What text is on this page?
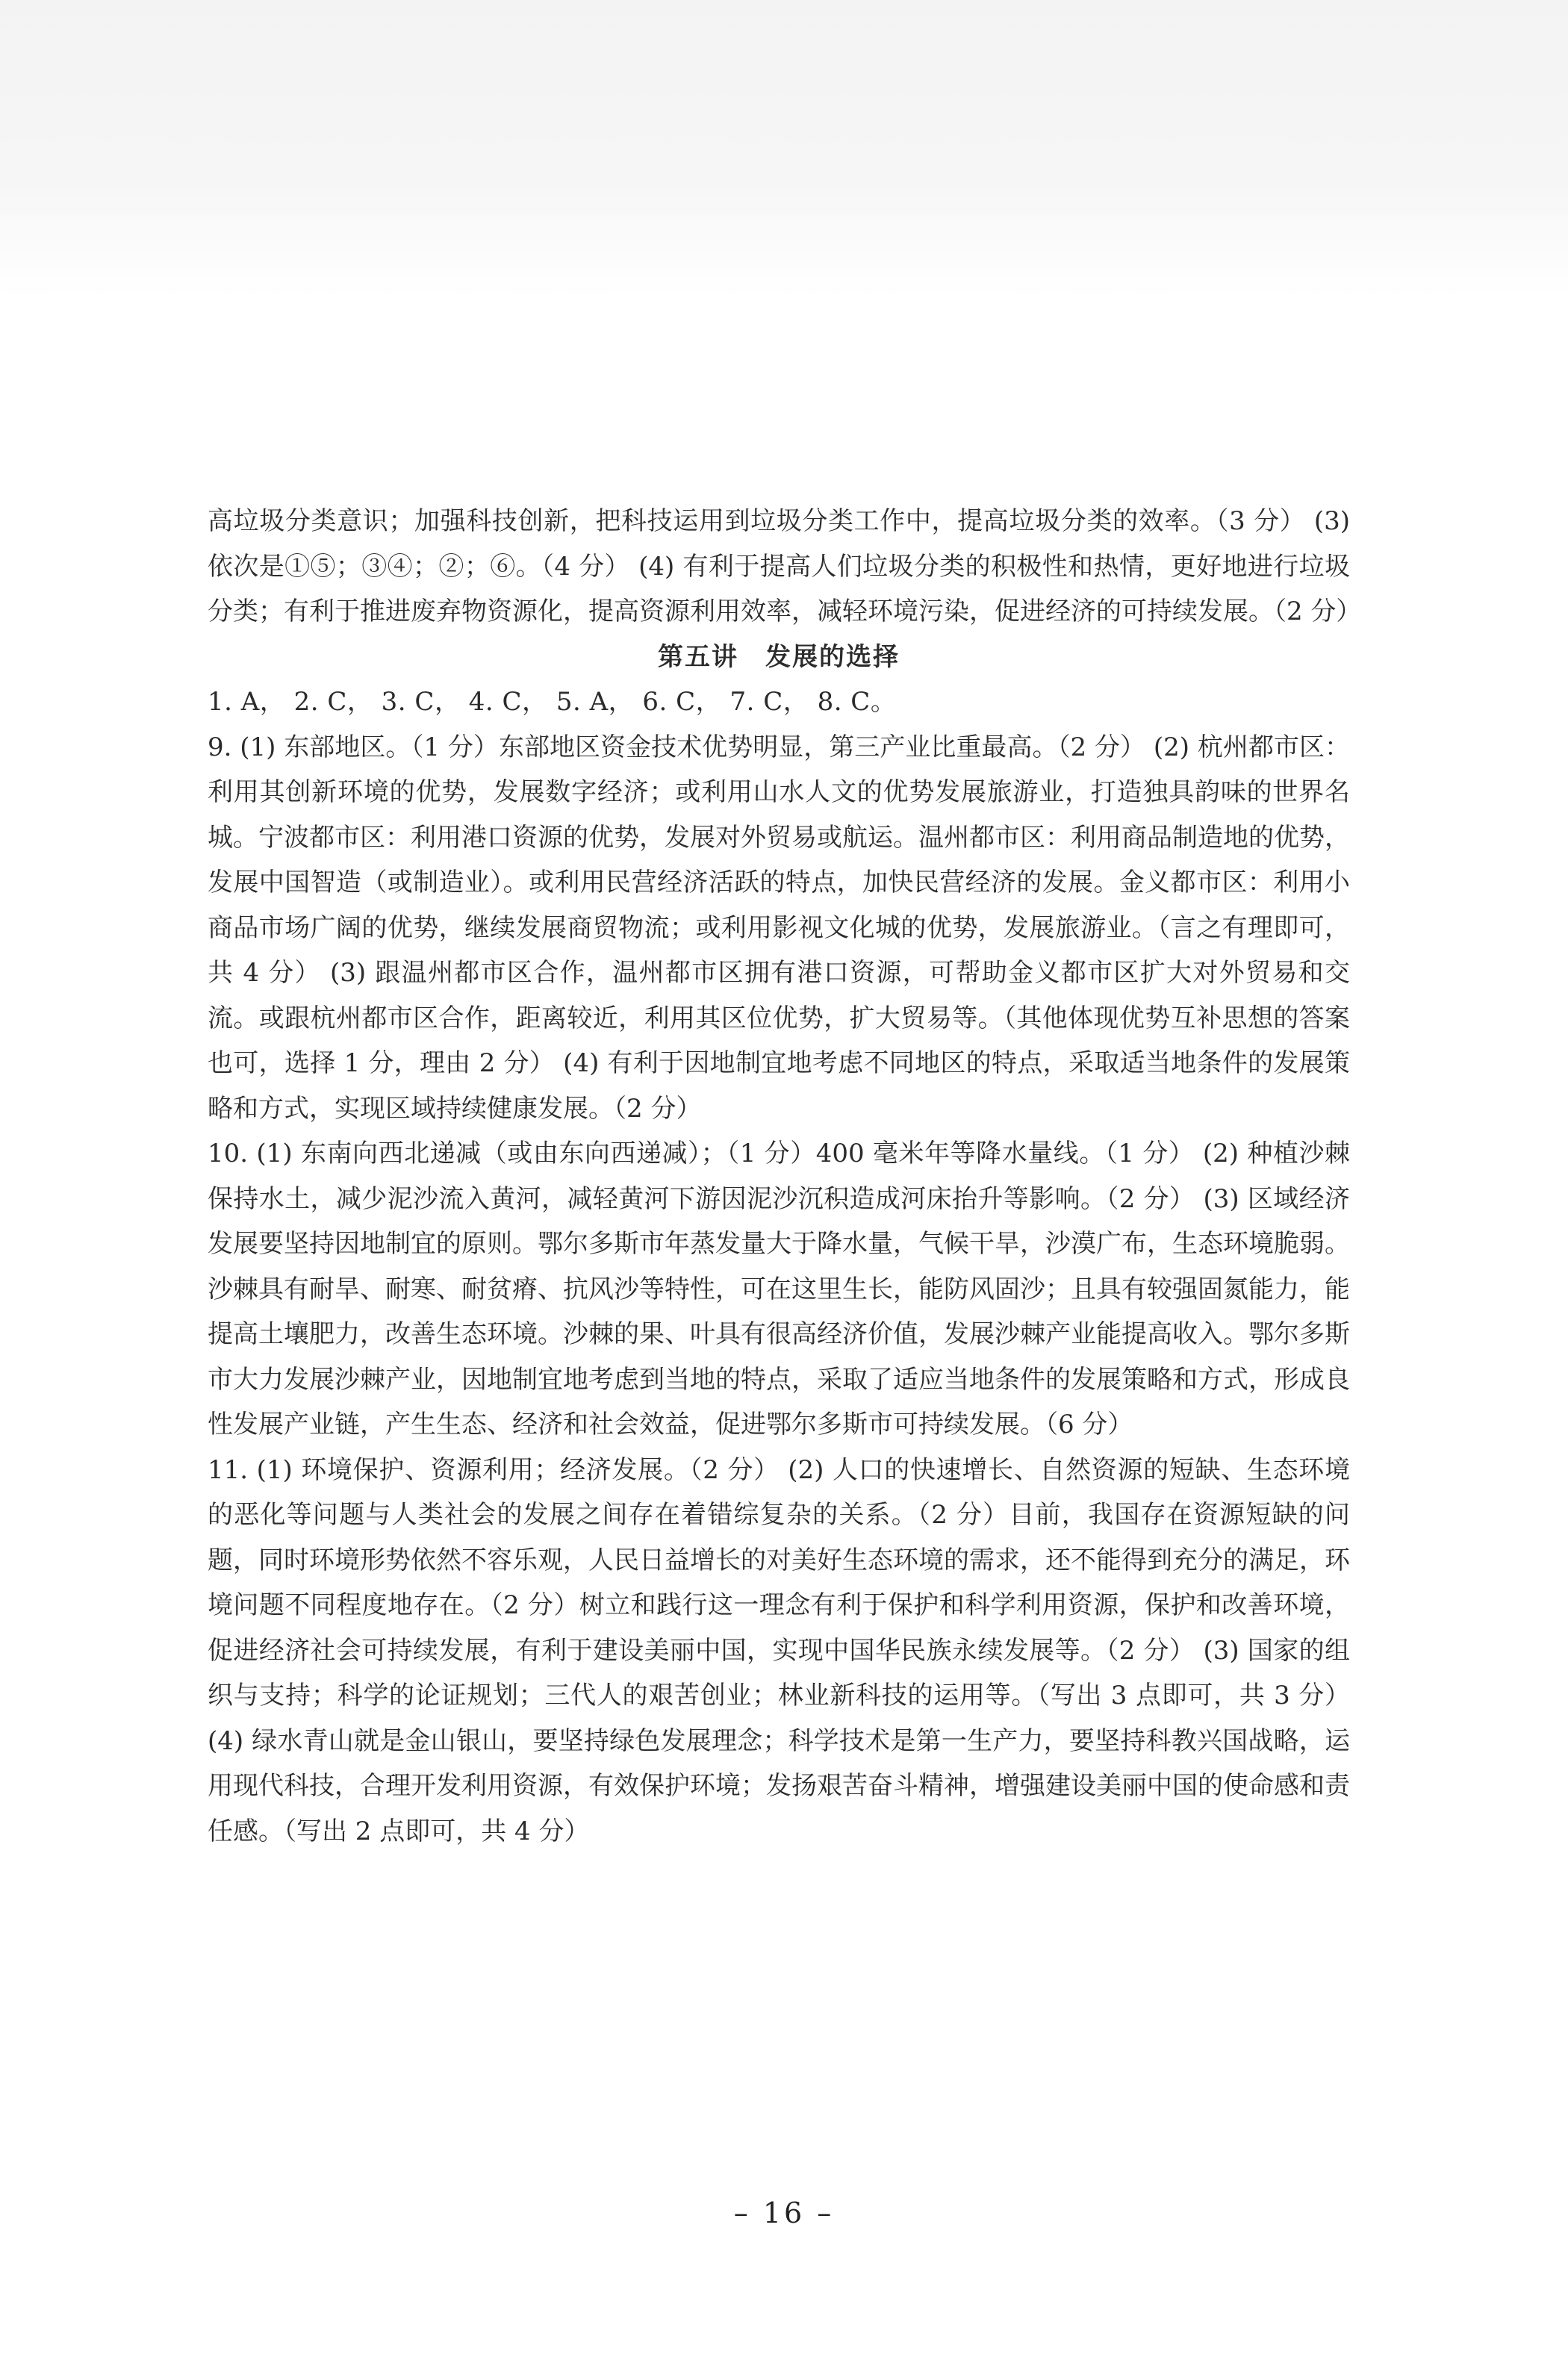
高垃圾分类意识；加强科技创新，把科技运用到垃圾分类工作中，提高垃圾分类的效率。（3 分） (3) 依次是①⑤；③④；②；⑥。（4 分） (4) 有利于提高人们垃圾分类的积极性和热情，更好地进行垃圾分类；有利于推进废弃物资源化，提高资源利用效率，减轻环境污染，促进经济的可持续发展。（2 分）

第五讲　发展的选择

1. A， 2. C， 3. C， 4. C， 5. A， 6. C， 7. C， 8. C。

9. (1) 东部地区。（1 分）东部地区资金技术优势明显，第三产业比重最高。（2 分） (2) 杭州都市区：利用其创新环境的优势，发展数字经济；或利用山水人文的优势发展旅游业，打造独具韵味的世界名城。宁波都市区：利用港口资源的优势，发展对外贸易或航运。温州都市区：利用商品制造地的优势，发展中国智造（或制造业）。或利用民营经济活跃的特点，加快民营经济的发展。金义都市区：利用小商品市场广阔的优势，继续发展商贸物流；或利用影视文化城的优势，发展旅游业。（言之有理即可，共 4 分） (3) 跟温州都市区合作，温州都市区拥有港口资源，可帮助金义都市区扩大对外贸易和交流。或跟杭州都市区合作，距离较近，利用其区位优势，扩大贸易等。（其他体现优势互补思想的答案也可，选择 1 分，理由 2 分） (4) 有利于因地制宜地考虑不同地区的特点，采取适当地条件的发展策略和方式，实现区域持续健康发展。（2 分）

10. (1) 东南向西北递减（或由东向西递减）；（1 分）400 毫米年等降水量线。（1 分） (2) 种植沙棘保持水土，减少泥沙流入黄河，减轻黄河下游因泥沙沉积造成河床抬升等影响。（2 分） (3) 区域经济发展要坚持因地制宜的原则。鄂尔多斯市年蒸发量大于降水量，气候干旱，沙漠广布，生态环境脆弱。沙棘具有耐旱、耐寒、耐贫瘠、抗风沙等特性，可在这里生长，能防风固沙；且具有较强固氮能力，能提高土壤肥力，改善生态环境。沙棘的果、叶具有很高经济价值，发展沙棘产业能提高收入。鄂尔多斯市大力发展沙棘产业，因地制宜地考虑到当地的特点，采取了适应当地条件的发展策略和方式，形成良性发展产业链，产生生态、经济和社会效益，促进鄂尔多斯市可持续发展。（6 分）

11. (1) 环境保护、资源利用；经济发展。（2 分） (2) 人口的快速增长、自然资源的短缺、生态环境的恶化等问题与人类社会的发展之间存在着错综复杂的关系。（2 分）目前，我国存在资源短缺的问题，同时环境形势依然不容乐观，人民日益增长的对美好生态环境的需求，还不能得到充分的满足，环境问题不同程度地存在。（2 分）树立和践行这一理念有利于保护和科学利用资源，保护和改善环境，促进经济社会可持续发展，有利于建设美丽中国，实现中国华民族永续发展等。（2 分） (3) 国家的组织与支持；科学的论证规划；三代人的艰苦创业；林业新科技的运用等。（写出 3 点即可，共 3 分） (4) 绿水青山就是金山银山，要坚持绿色发展理念；科学技术是第一生产力，要坚持科教兴国战略，运用现代科技，合理开发利用资源，有效保护环境；发扬艰苦奋斗精神，增强建设美丽中国的使命感和责任感。（写出 2 点即可，共 4 分）

– 16 –
